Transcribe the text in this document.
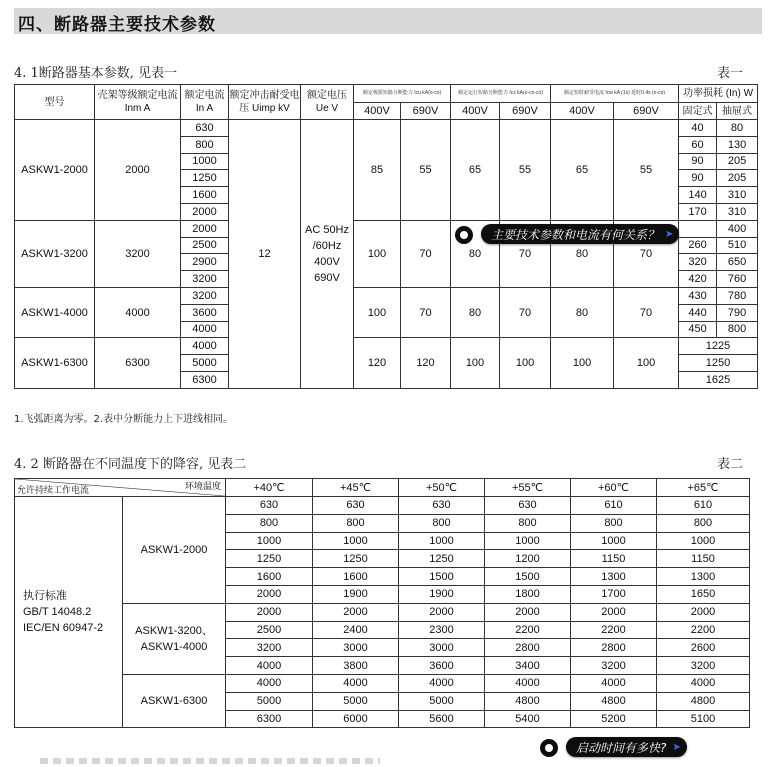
四、断路器主要技术参数
4. 1断路器基本参数, 见表一	表一
型号	壳架等级额定电流 Inm A	额定电流 In A	额定冲击耐受电压 Uimp kV	额定电压 Ue V	额定极限短路分断能力 Icu kA(o-co)		额定运行短路分断能力 Ics kA(o-co-co)		额定短时耐受电流 Icw kA (1s) 延时0.4s (o-co)		功率损耗 (In) W	
					400V	690V	400V	690V	400V	690V	固定式	抽屉式
ASKW1-2000	2000	630	12	AC 50Hz
/60Hz
400V
690V	85	55	65	55	65	55	40	80
		800									60	130
		1000									90	205
		1250									90	205
		1600									140	310
		2000									170	310
ASKW1-3200	3200	2000			100	70	80	70	80	70		400
		2500									260	510
		2900									320	650
		3200									420	760
ASKW1-4000	4000	3200			100	70	80	70	80	70	430	780
		3600									440	790
		4000									450	800
ASKW1-6300	6300	4000			120	120	100	100	100	100	1225	
		5000									1250	
		6300									1625	
1.飞弧距离为零。2.表中分断能力上下进线相同。
4. 2 断路器在不同温度下的降容, 见表二	表二
环境温度
允许持续工作电流		+40℃	+45℃	+50℃	+55℃	+60℃	+65℃

执行标准
GB/T 14048.2
IEC/EN 60947-2	ASKW1-2000	630	630	630	630	610	610
		800	800	800	800	800	800
		1000	1000	1000	1000	1000	1000
		1250	1250	1250	1200	1150	1150
		1600	1600	1500	1500	1300	1300
		2000	1900	1900	1800	1700	1650

	ASKW1-3200、
ASKW1-4000	2000	2000	2000	2000	2000	2000
		2500	2400	2300	2200	2200	2200
		3200	3000	3000	2800	2800	2600
		4000	3800	3600	3400	3200	3200

	ASKW1-6300	4000	4000	4000	4000	4000	4000
		5000	5000	5000	4800	4800	4800
		6300	6000	5600	5400	5200	5100
主要技术参数和电流有何关系？ ➤
启动时间有多快? ➤
